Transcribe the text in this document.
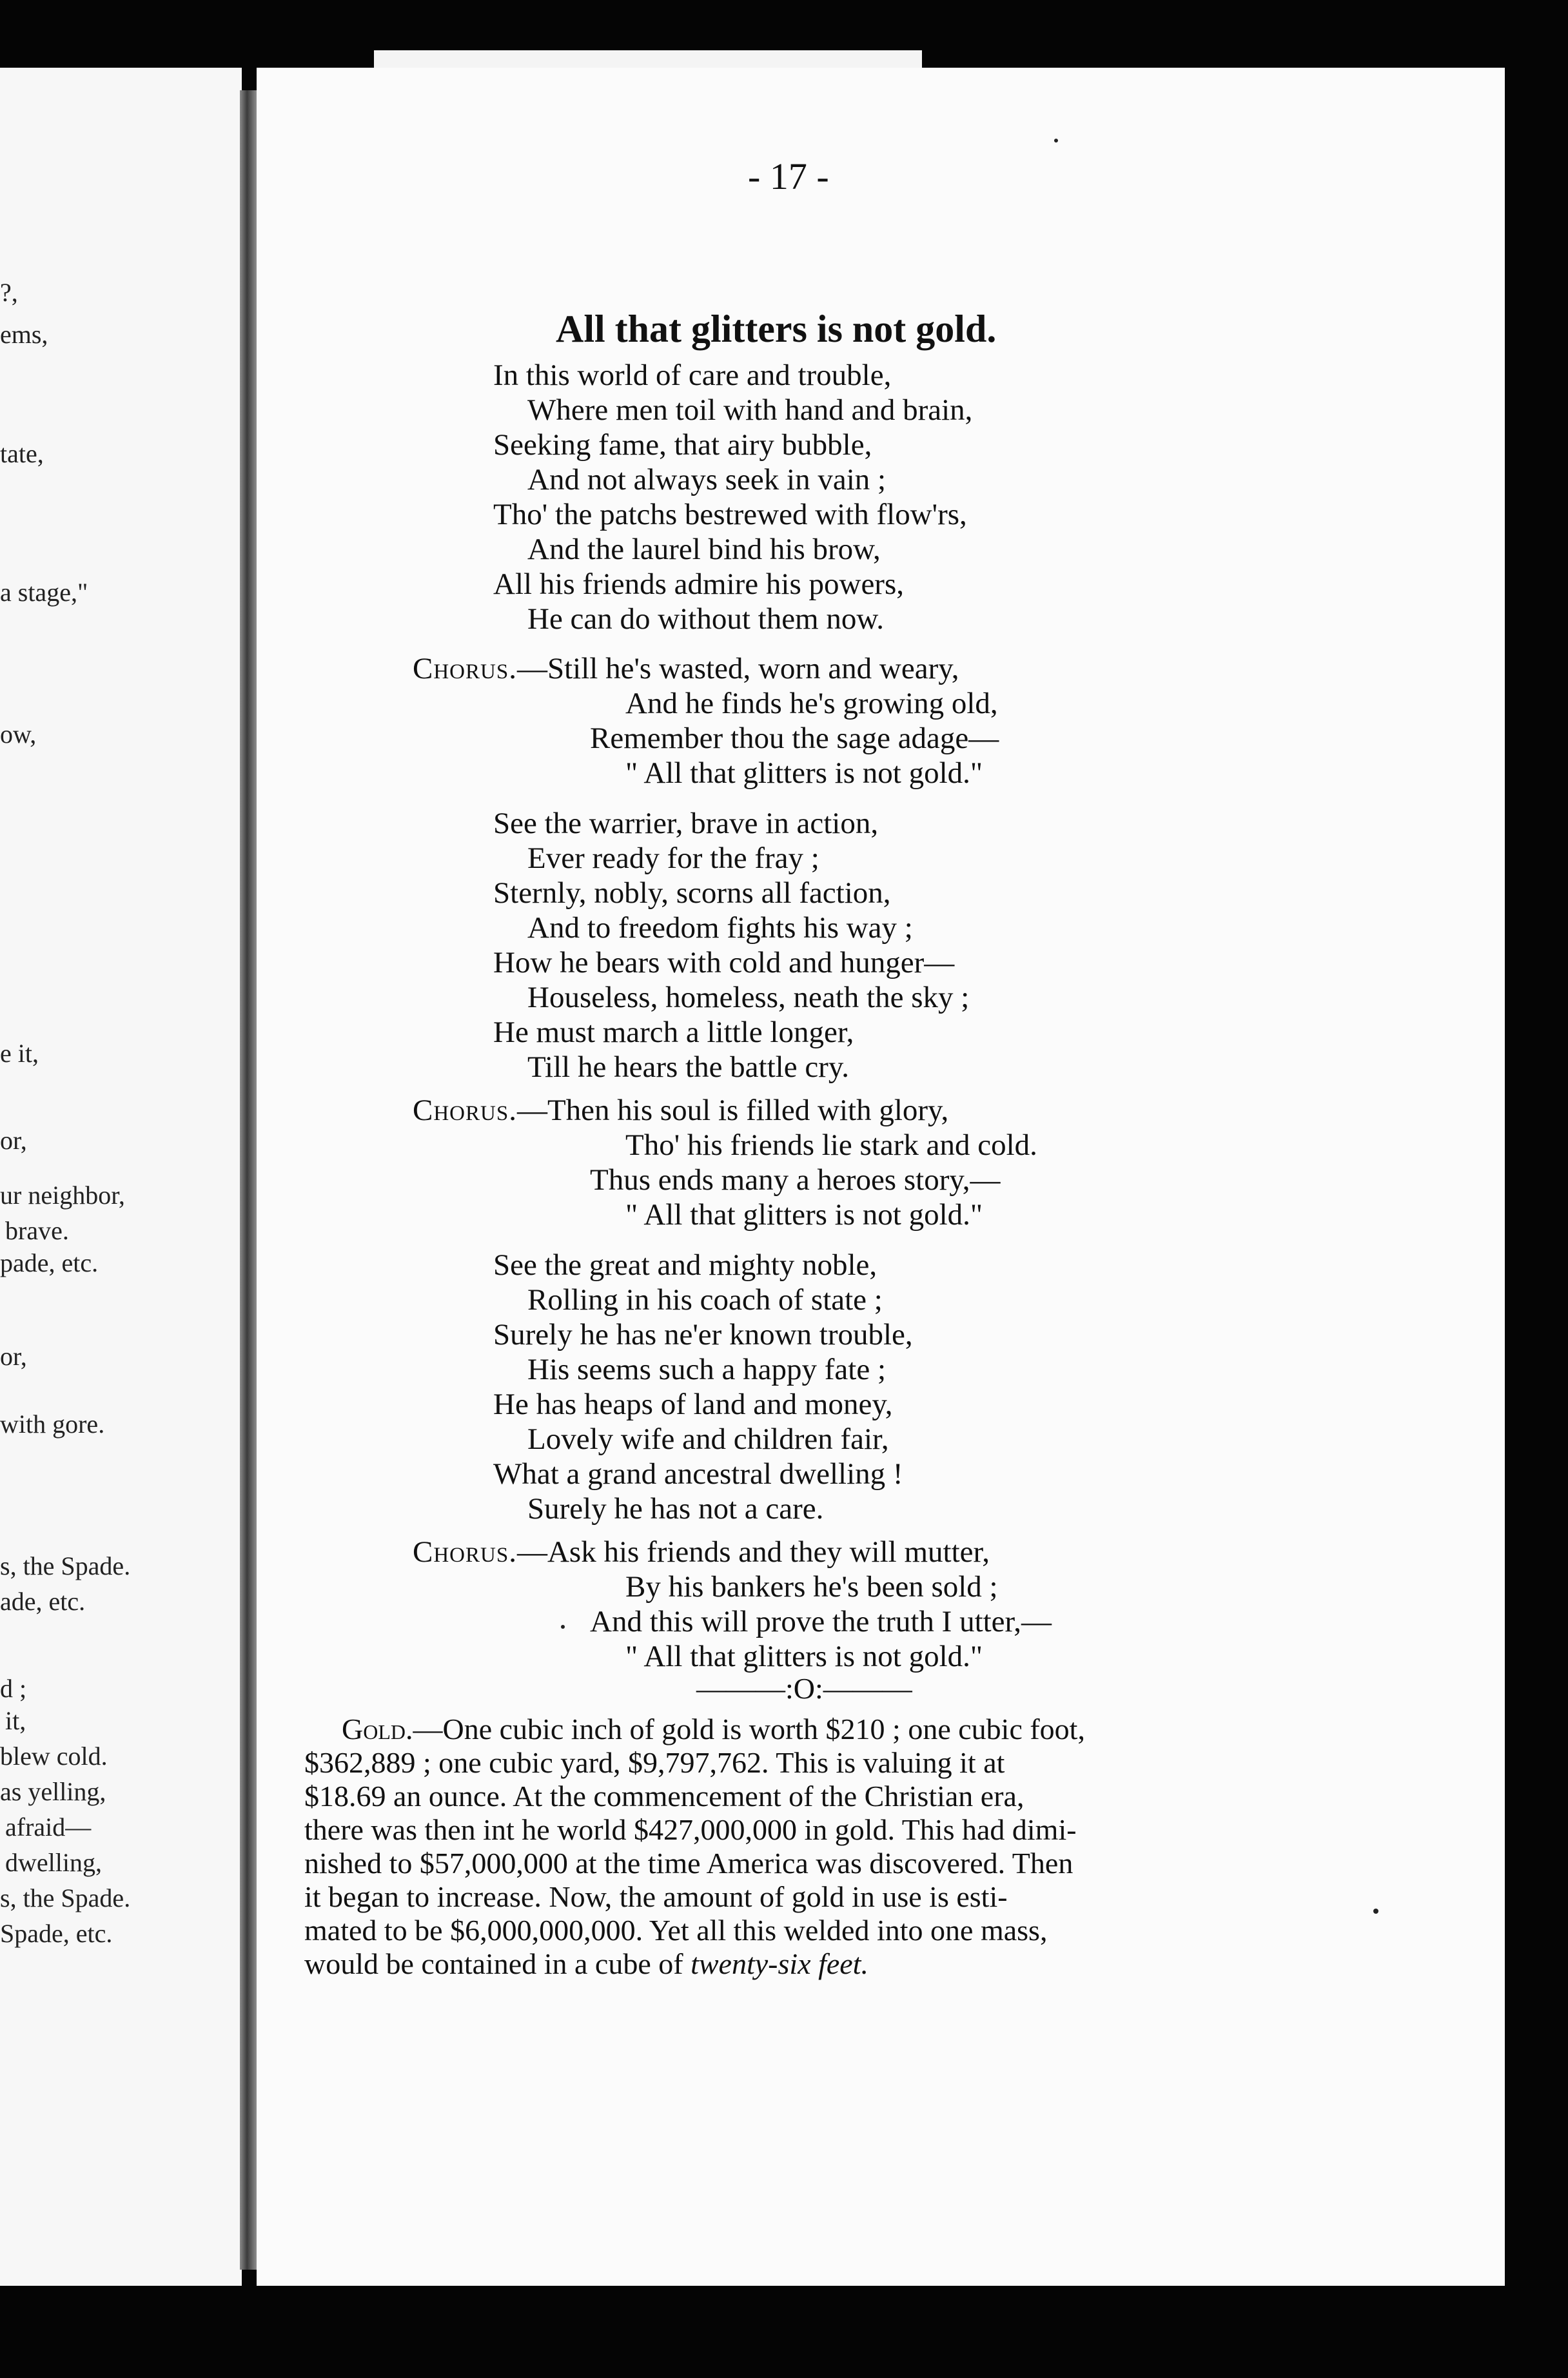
?,
ems,
tate,
a stage,"
ow,
e it,
or,
ur neighbor,
brave.
pade, etc.
or,
with gore.
s, the Spade.
ade, etc.
d ;
it,
blew cold.
as yelling,
afraid—
dwelling,
s, the Spade.
Spade, etc.
- 17 -
All that glitters is not gold.
In this world of care and trouble,
Where men toil with hand and brain,
Seeking fame, that airy bubble,
And not always seek in vain ;
Tho' the patchs bestrewed with flow'rs,
And the laurel bind his brow,
All his friends admire his powers,
He can do without them now.
Chorus.—Still he's wasted, worn and weary,
And he finds he's growing old,
Remember thou the sage adage—
" All that glitters is not gold."
See the warrier, brave in action,
Ever ready for the fray ;
Sternly, nobly, scorns all faction,
And to freedom fights his way ;
How he bears with cold and hunger—
Houseless, homeless, neath the sky ;
He must march a little longer,
Till he hears the battle cry.
Chorus.—Then his soul is filled with glory,
Tho' his friends lie stark and cold.
Thus ends many a heroes story,—
" All that glitters is not gold."
See the great and mighty noble,
Rolling in his coach of state ;
Surely he has ne'er known trouble,
His seems such a happy fate ;
He has heaps of land and money,
Lovely wife and children fair,
What a grand ancestral dwelling !
Surely he has not a care.
Chorus.—Ask his friends and they will mutter,
By his bankers he's been sold ;
And this will prove the truth I utter,—
" All that glitters is not gold."
———:O:———
Gold.—One cubic inch of gold is worth $210 ; one cubic foot,
$362,889 ; one cubic yard, $9,797,762. This is valuing it at
$18.69 an ounce. At the commencement of the Christian era,
there was then int he world $427,000,000 in gold. This had dimi-
nished to $57,000,000 at the time America was discovered. Then
it began to increase. Now, the amount of gold in use is esti-
mated to be $6,000,000,000. Yet all this welded into one mass,
would be contained in a cube of twenty-six feet.
